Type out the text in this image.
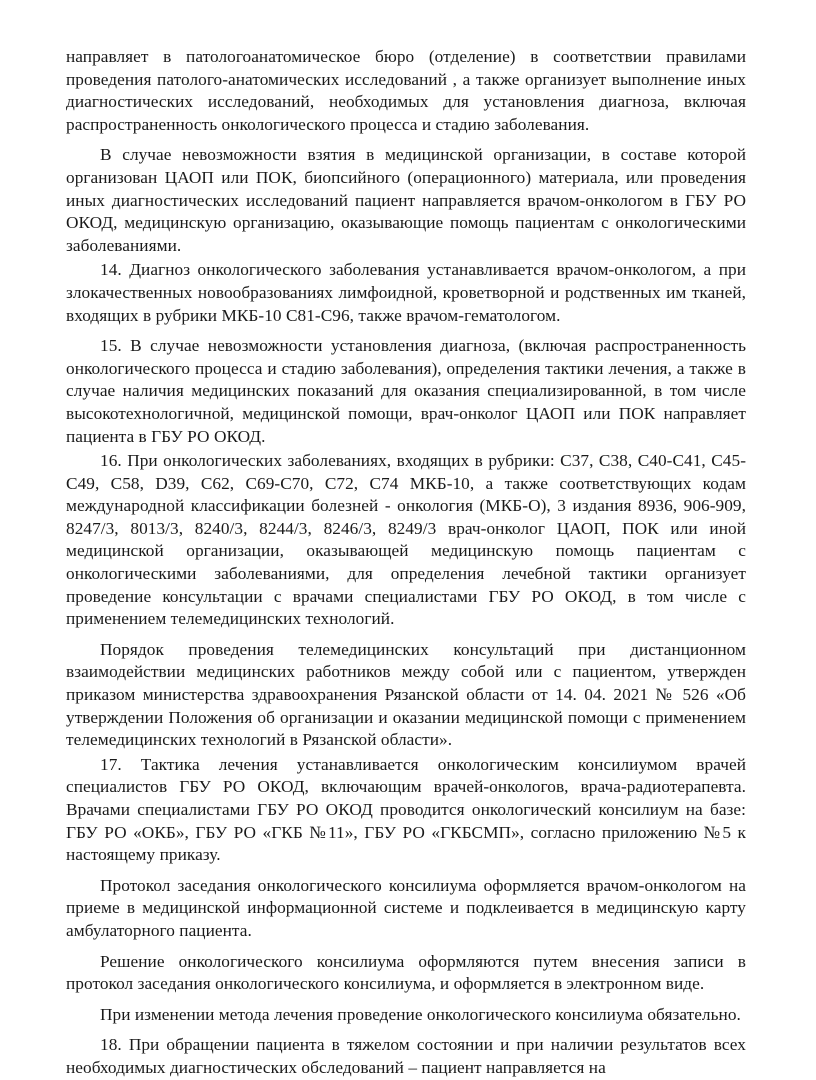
направляет в патологоанатомическое бюро (отделение) в соответствии правилами проведения патолого-анатомических исследований , а также организует выполнение иных диагностических исследований, необходимых для установления диагноза, включая распространенность онкологического процесса и стадию заболевания.

В случае невозможности взятия в медицинской организации, в составе которой организован ЦАОП или ПОК, биопсийного (операционного) материала, или проведения иных диагностических исследований пациент направляется врачом-онкологом в ГБУ РО ОКОД, медицинскую организацию, оказывающие помощь пациентам с онкологическими заболеваниями.

14. Диагноз онкологического заболевания устанавливается врачом-онкологом, а при злокачественных новообразованиях лимфоидной, кроветворной и родственных им тканей, входящих в рубрики МКБ-10 С81-С96, также врачом-гематологом.

15. В случае невозможности установления диагноза, (включая распространенность онкологического процесса и стадию заболевания), определения тактики лечения, а также в случае наличия медицинских показаний для оказания специализированной, в том числе высокотехнологичной, медицинской помощи, врач-онколог ЦАОП или ПОК направляет пациента в ГБУ РО ОКОД.

16. При онкологических заболеваниях, входящих в рубрики: С37, С38, С40-С41, С45-С49, С58, D39, С62, С69-С70, С72, С74 МКБ-10, а также соответствующих кодам международной классификации болезней - онкология (МКБ-О), 3 издания 8936, 906-909, 8247/3, 8013/3, 8240/3, 8244/3, 8246/3, 8249/3 врач-онколог ЦАОП, ПОК или иной медицинской организации, оказывающей медицинскую помощь пациентам с онкологическими заболеваниями, для определения лечебной тактики организует проведение консультации с врачами специалистами ГБУ РО ОКОД, в том числе с применением телемедицинских технологий.

Порядок проведения телемедицинских консультаций при дистанционном взаимодействии медицинских работников между собой или с пациентом, утвержден приказом министерства здравоохранения Рязанской области от 14. 04. 2021 № 526 «Об утверждении Положения об организации и оказании медицинской помощи с применением телемедицинских технологий в Рязанской области».

17. Тактика лечения устанавливается онкологическим консилиумом врачей специалистов ГБУ РО ОКОД, включающим врачей-онкологов, врача-радиотерапевта. Врачами специалистами ГБУ РО ОКОД проводится онкологический консилиум на базе: ГБУ РО «ОКБ», ГБУ РО «ГКБ №11», ГБУ РО «ГКБСМП», согласно приложению №5 к настоящему приказу.

Протокол заседания онкологического консилиума оформляется врачом-онкологом на приеме в медицинской информационной системе и подклеивается в медицинскую карту амбулаторного пациента.

Решение онкологического консилиума оформляются путем внесения записи в протокол заседания онкологического консилиума, и оформляется в электронном виде.

При изменении метода лечения проведение онкологического консилиума обязательно.

18. При обращении пациента в тяжелом состоянии и при наличии результатов всех необходимых диагностических обследований – пациент направляется на
